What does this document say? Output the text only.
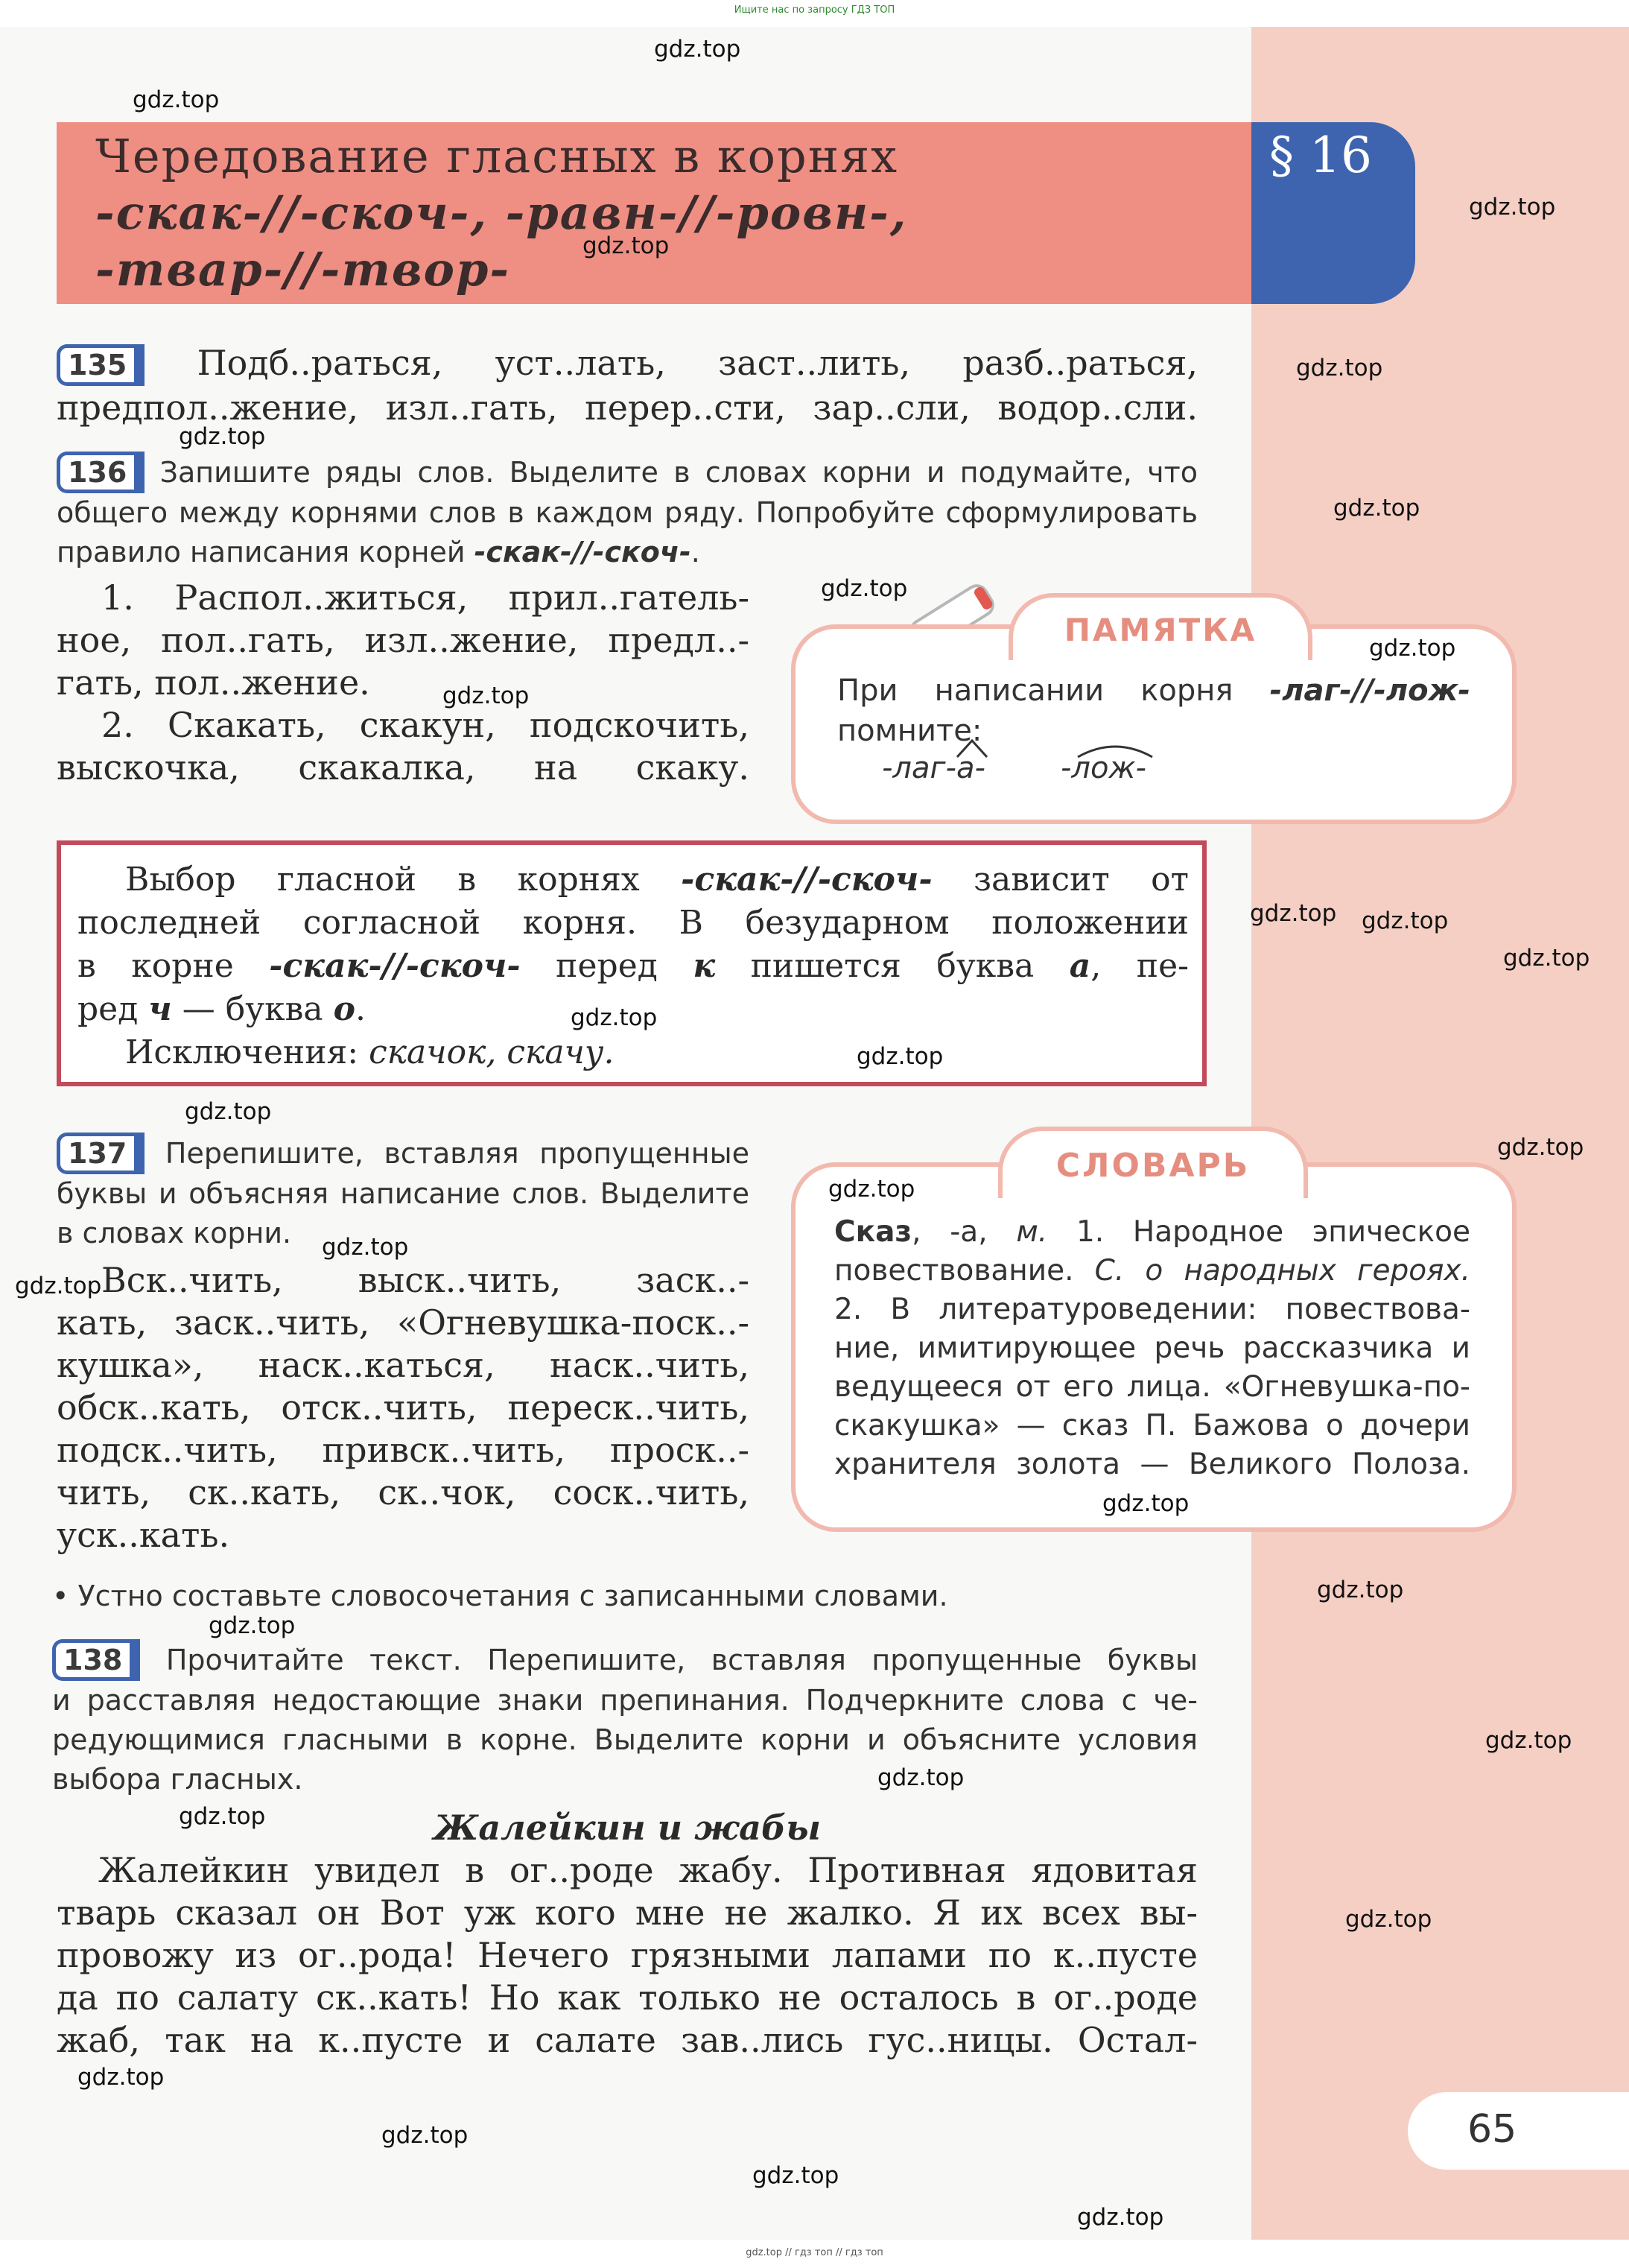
Ищите нас по запросу ГДЗ ТОП
Чередование гласных в корнях
-скак-//-скоч-, -равн-//-ровн-,
-твар-//-твор-
§ 16
135 Подб..раться, уст..лать, заст..лить, разб..раться,
предпол..жение, изл..гать, перер..сти, зар..сли, водор..сли.
136 Запишите ряды слов. Выделите в словах корни и подумайте, что
общего между корнями слов в каждом ряду. Попробуйте сформулировать
правило написания корней -скак-//-скоч-.
1. Распол..житься, прил..гатель-
ное, пол..гать, изл..жение, предл..-
гать, пол..жение.
2. Скакать, скакун, подскочить,
выскочка, скакалка, на скаку.
ПАМЯТКА
При написании корня -лаг-//-лож-
помните:
-лаг-а-	-лож-
Выбор гласной в корнях -скак-//-скоч- зависит от
последней согласной корня. В безударном положении
в корне -скак-//-скоч- перед к пишется буква а, пе-
ред ч — буква о.
Исключения: скачок, скачу.
137 Перепишите, вставляя пропущенные
буквы и объясняя написание слов. Выделите
в словах корни.
Вск..чить, выск..чить, заск..-
кать, заск..чить, «Огневушка-поск..-
кушка», наск..каться, наск..чить,
обск..кать, отск..чить, переск..чить,
подск..чить, привск..чить, проск..-
чить, ск..кать, ск..чок, соск..чить,
уск..кать.
• Устно составьте словосочетания с записанными словами.
СЛОВАРЬ
Сказ, -а, м. 1. Народное эпическое
повествование. С. о народных героях.
2. В литературоведении: повествова-
ние, имитирующее речь рассказчика и
ведущееся от его лица. «Огневушка-по-
скакушка» — сказ П. Бажова о дочери
хранителя золота — Великого Полоза.
138 Прочитайте текст. Перепишите, вставляя пропущенные буквы
и расставляя недостающие знаки препинания. Подчеркните слова с че-
редующимися гласными в корне. Выделите корни и объясните условия
выбора гласных.
Жалейкин и жабы
Жалейкин увидел в ог..роде жабу. Противная ядовитая
тварь сказал он Вот уж кого мне не жалко. Я их всех вы-
провожу из ог..рода! Нечего грязными лапами по к..пусте
да по салату ск..кать! Но как только не осталось в ог..роде
жаб, так на к..пусте и салате зав..лись гус..ницы. Остал-
65
gdz.top // гдз топ // гдз топ
gdz.top
gdz.top
gdz.top
gdz.top
gdz.top
gdz.top
gdz.top
gdz.top
gdz.top
gdz.top
gdz.top
gdz.top
gdz.top
gdz.top
gdz.top
gdz.top
gdz.top
gdz.top
gdz.top
gdz.top
gdz.top
gdz.top
gdz.top
gdz.top
gdz.top
gdz.top
gdz.top
gdz.top
gdz.top
gdz.top
gdz.top
